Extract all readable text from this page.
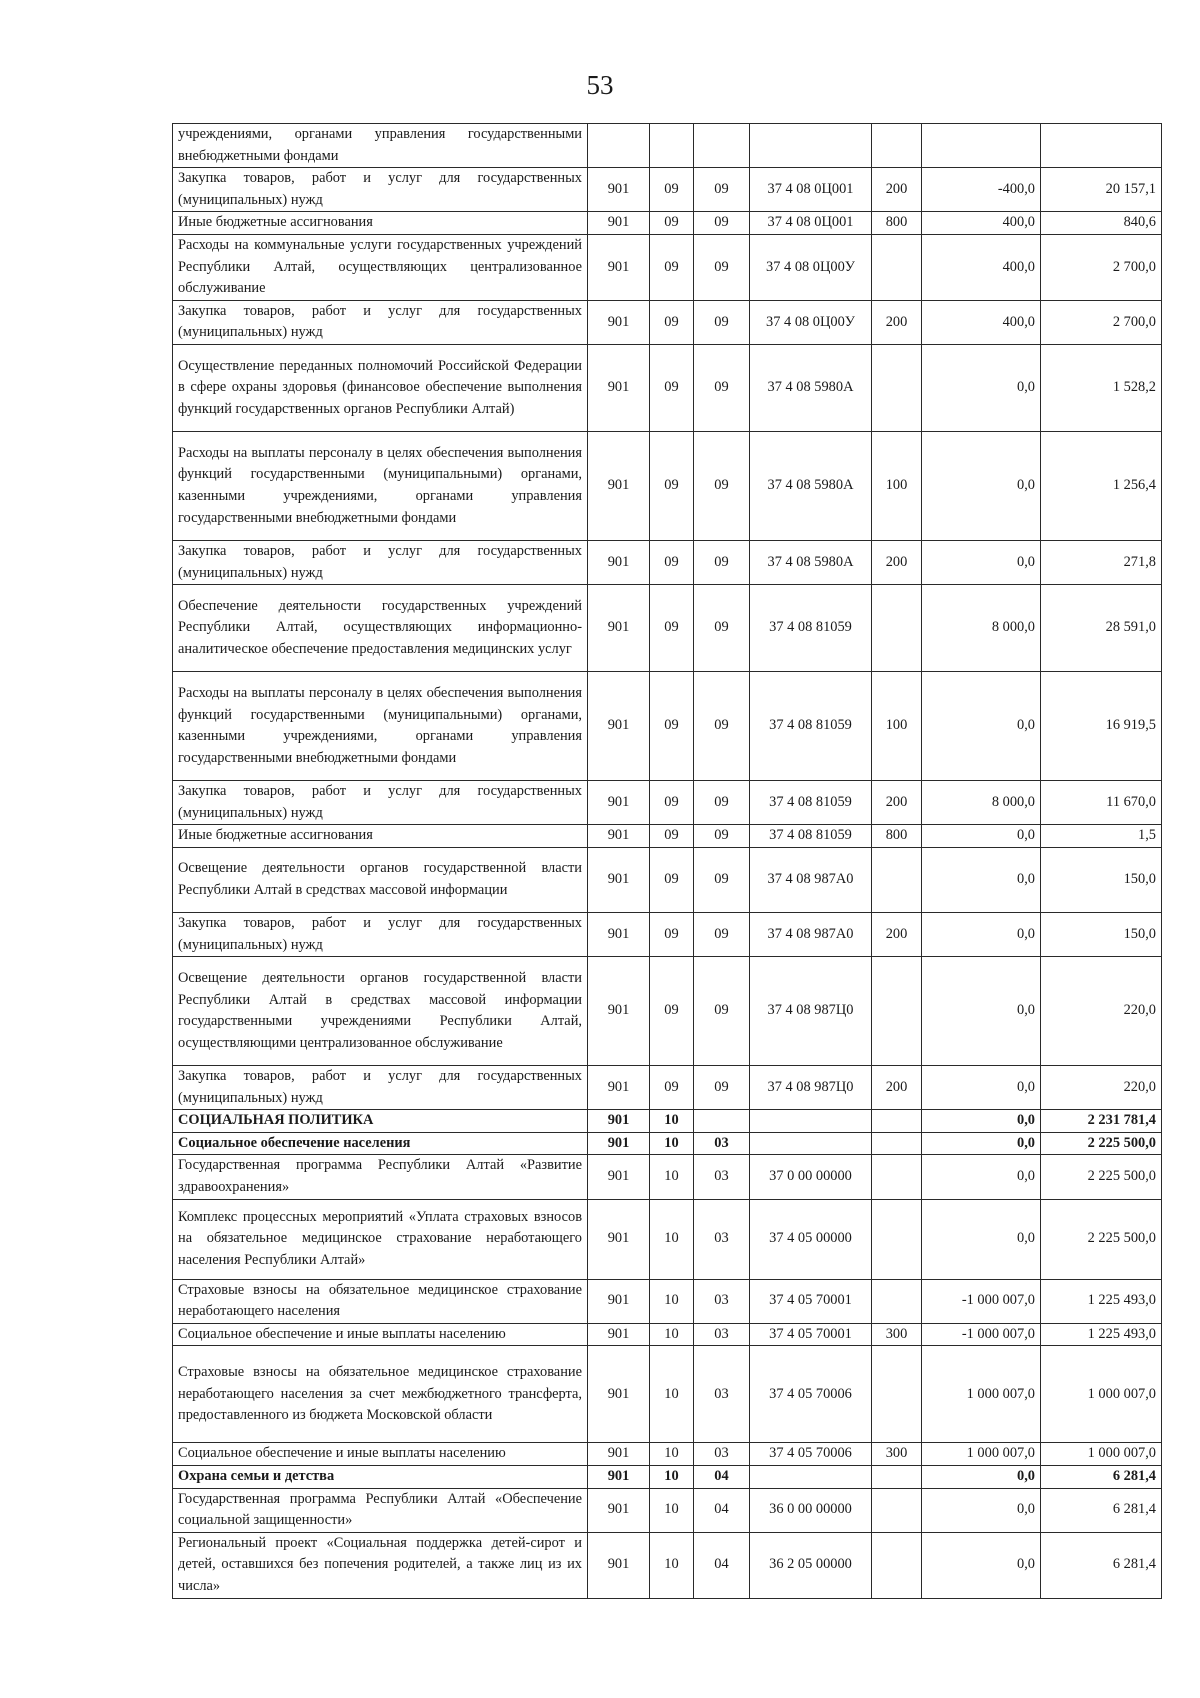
53
учреждениями, органами управления государственными внебюджетными фондами							
Закупка товаров, работ и услуг для государственных (муниципальных) нужд	901	09	09	37 4 08 0Ц001	200	-400,0	20 157,1
Иные бюджетные ассигнования	901	09	09	37 4 08 0Ц001	800	400,0	840,6
Расходы на коммунальные услуги государственных учреждений Республики Алтай, осуществляющих централизованное обслуживание	901	09	09	37 4 08 0Ц00У		400,0	2 700,0
Закупка товаров, работ и услуг для государственных (муниципальных) нужд	901	09	09	37 4 08 0Ц00У	200	400,0	2 700,0
Осуществление переданных полномочий Российской Федерации в сфере охраны здоровья (финансовое обеспечение выполнения функций государственных органов Республики Алтай)	901	09	09	37 4 08 5980А		0,0	1 528,2
Расходы на выплаты персоналу в целях обеспечения выполнения функций государственными (муниципальными) органами, казенными учреждениями, органами управления государственными внебюджетными фондами	901	09	09	37 4 08 5980А	100	0,0	1 256,4
Закупка товаров, работ и услуг для государственных (муниципальных) нужд	901	09	09	37 4 08 5980А	200	0,0	271,8
Обеспечение деятельности государственных учреждений Республики Алтай, осуществляющих информационно-аналитическое обеспечение предоставления медицинских услуг	901	09	09	37 4 08 81059		8 000,0	28 591,0
Расходы на выплаты персоналу в целях обеспечения выполнения функций государственными (муниципальными) органами, казенными учреждениями, органами управления государственными внебюджетными фондами	901	09	09	37 4 08 81059	100	0,0	16 919,5
Закупка товаров, работ и услуг для государственных (муниципальных) нужд	901	09	09	37 4 08 81059	200	8 000,0	11 670,0
Иные бюджетные ассигнования	901	09	09	37 4 08 81059	800	0,0	1,5
Освещение деятельности органов государственной власти Республики Алтай в средствах массовой информации	901	09	09	37 4 08 987А0		0,0	150,0
Закупка товаров, работ и услуг для государственных (муниципальных) нужд	901	09	09	37 4 08 987А0	200	0,0	150,0
Освещение деятельности органов государственной власти Республики Алтай в средствах массовой информации государственными учреждениями Республики Алтай, осуществляющими централизованное обслуживание	901	09	09	37 4 08 987Ц0		0,0	220,0
Закупка товаров, работ и услуг для государственных (муниципальных) нужд	901	09	09	37 4 08 987Ц0	200	0,0	220,0
СОЦИАЛЬНАЯ ПОЛИТИКА	901	10				0,0	2 231 781,4
Социальное обеспечение населения	901	10	03			0,0	2 225 500,0
Государственная программа Республики Алтай «Развитие здравоохранения»	901	10	03	37 0 00 00000		0,0	2 225 500,0
Комплекс процессных мероприятий «Уплата страховых взносов на обязательное медицинское страхование неработающего населения Республики Алтай»	901	10	03	37 4 05 00000		0,0	2 225 500,0
Страховые взносы на обязательное медицинское страхование неработающего населения	901	10	03	37 4 05 70001		-1 000 007,0	1 225 493,0
Социальное обеспечение и иные выплаты населению	901	10	03	37 4 05 70001	300	-1 000 007,0	1 225 493,0
Страховые взносы на обязательное медицинское страхование неработающего населения за счет межбюджетного трансферта, предоставленного из бюджета Московской области	901	10	03	37 4 05 70006		1 000 007,0	1 000 007,0
Социальное обеспечение и иные выплаты населению	901	10	03	37 4 05 70006	300	1 000 007,0	1 000 007,0
Охрана семьи и детства	901	10	04			0,0	6 281,4
Государственная программа Республики Алтай «Обеспечение социальной защищенности»	901	10	04	36 0 00 00000		0,0	6 281,4
Региональный проект «Социальная поддержка детей-сирот и детей, оставшихся без попечения родителей, а также лиц из их числа»	901	10	04	36 2 05 00000		0,0	6 281,4
